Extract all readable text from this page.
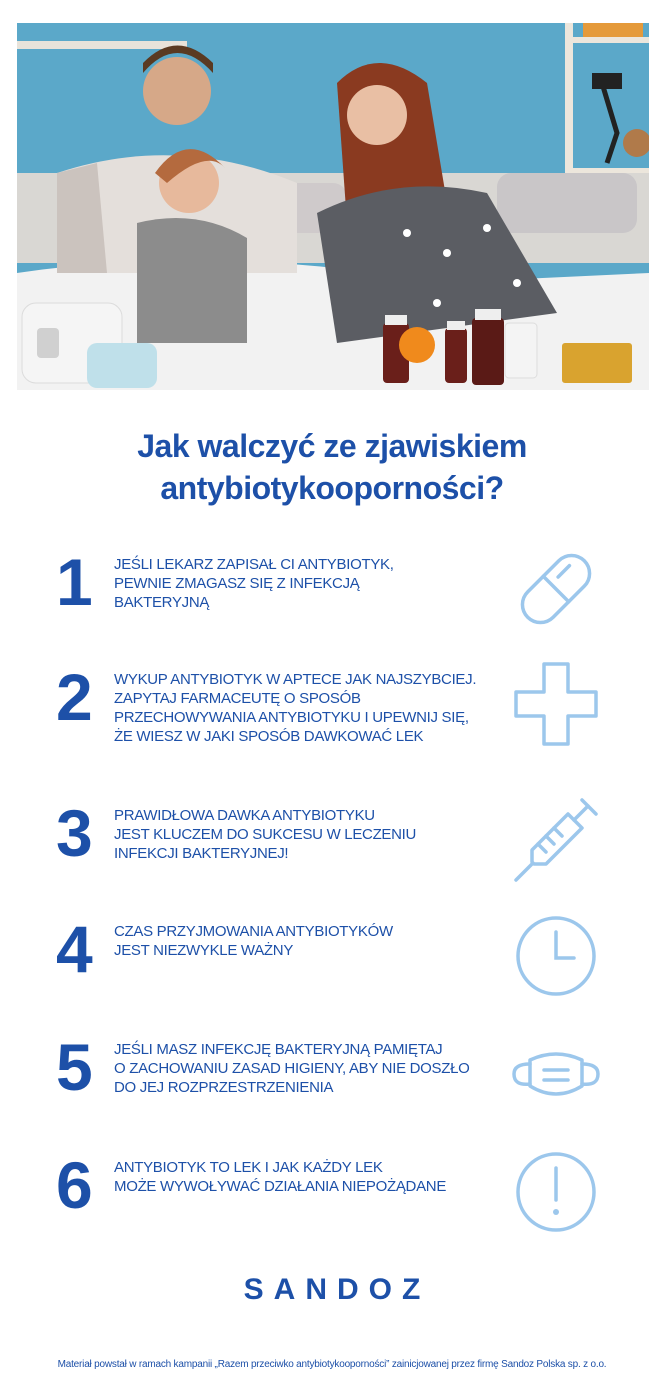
Jak walczyć ze zjawiskiem
antybiotykooporności?
1	JEŚLI LEKARZ ZAPISAŁ CI ANTYBIOTYK,
PEWNIE ZMAGASZ SIĘ Z INFEKCJĄ
BAKTERYJNĄ
2	WYKUP ANTYBIOTYK W APTECE JAK NAJSZYBCIEJ.
ZAPYTAJ FARMACEUTĘ O SPOSÓB
PRZECHOWYWANIA ANTYBIOTYKU I UPEWNIJ SIĘ,
ŻE WIESZ W JAKI SPOSÓB DAWKOWAĆ LEK
3	PRAWIDŁOWA DAWKA ANTYBIOTYKU
JEST KLUCZEM DO SUKCESU W LECZENIU
INFEKCJI BAKTERYJNEJ!
4	CZAS PRZYJMOWANIA ANTYBIOTYKÓW
JEST NIEZWYKLE WAŻNY
5	JEŚLI MASZ INFEKCJĘ BAKTERYJNĄ PAMIĘTAJ
O ZACHOWANIU ZASAD HIGIENY, ABY NIE DOSZŁO
DO JEJ ROZPRZESTRZENIENIA
6	ANTYBIOTYK TO LEK I JAK KAŻDY LEK
MOŻE WYWOŁYWAĆ DZIAŁANIA NIEPOŻĄDANE
SANDOZ
Materiał powstał w ramach kampanii „Razem przeciwko antybiotykooporności” zainicjowanej przez firmę Sandoz Polska sp. z o.o.
